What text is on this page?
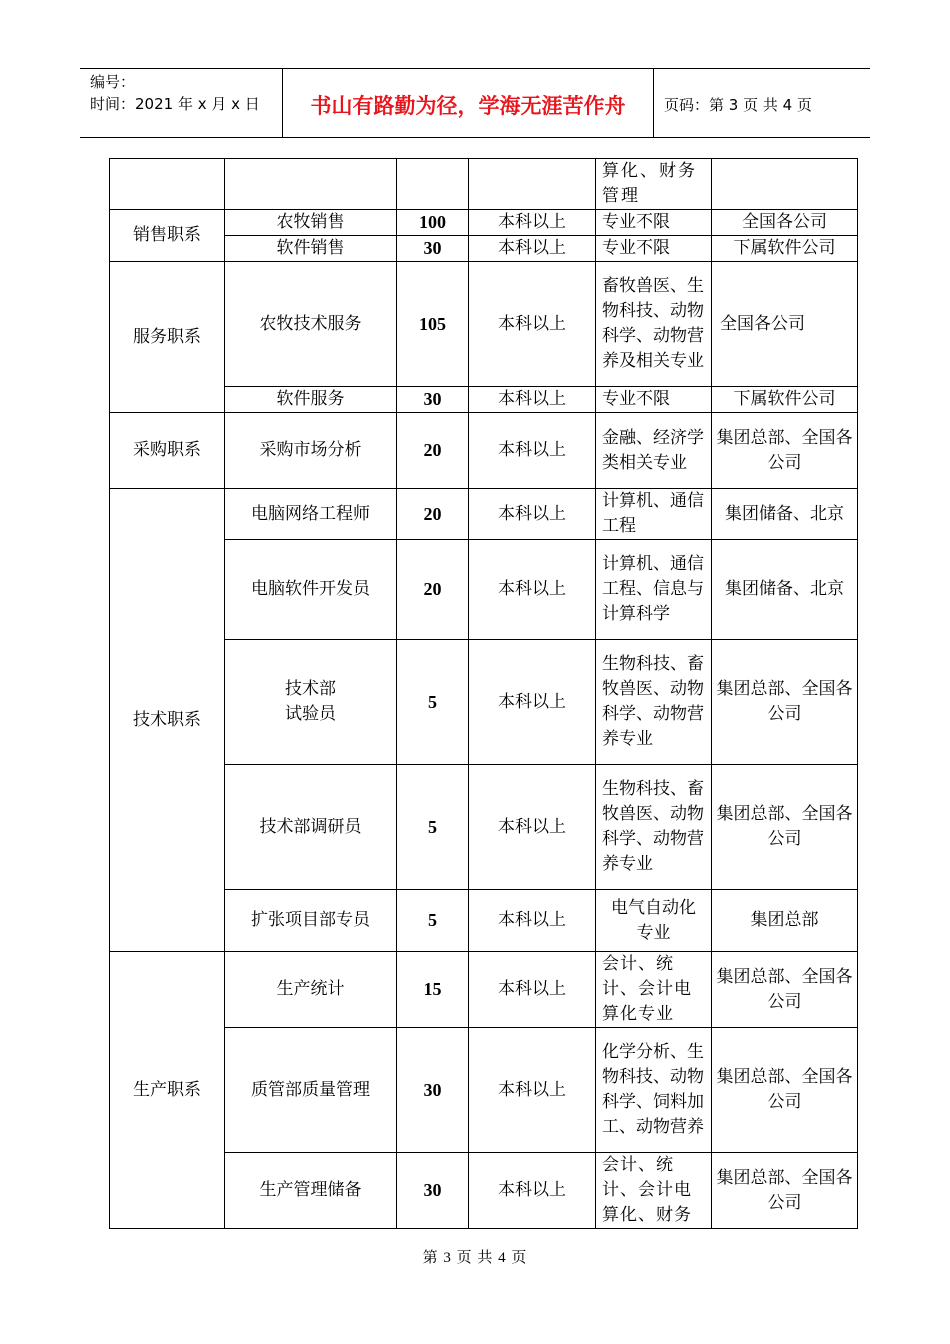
编号：
时间：2021 年 x 月 x 日	书山有路勤为径，学海无涯苦作舟	页码：第 3 页 共 4 页
				算化、财务管理	
销售职系	农牧销售	100	本科以上	专业不限	全国各公司
	软件销售	30	本科以上	专业不限	下属软件公司
服务职系	农牧技术服务	105	本科以上	畜牧兽医、生物科技、动物科学、动物营养及相关专业	全国各公司
	软件服务	30	本科以上	专业不限	下属软件公司
采购职系	采购市场分析	20	本科以上	金融、经济学类相关专业	集团总部、全国各公司
技术职系	电脑网络工程师	20	本科以上	计算机、通信工程	集团储备、北京
	电脑软件开发员	20	本科以上	计算机、通信工程、信息与计算科学	集团储备、北京
	技术部试验员	5	本科以上	生物科技、畜牧兽医、动物科学、动物营养专业	集团总部、全国各公司
	技术部调研员	5	本科以上	生物科技、畜牧兽医、动物科学、动物营养专业	集团总部、全国各公司
	扩张项目部专员	5	本科以上	电气自动化专业	集团总部
生产职系	生产统计	15	本科以上	会计、统计、会计电算化专业	集团总部、全国各公司
	质管部质量管理	30	本科以上	化学分析、生物科技、动物科学、饲料加工、动物营养	集团总部、全国各公司
	生产管理储备	30	本科以上	会计、统计、会计电算化、财务	集团总部、全国各公司
第 3 页 共 4 页
